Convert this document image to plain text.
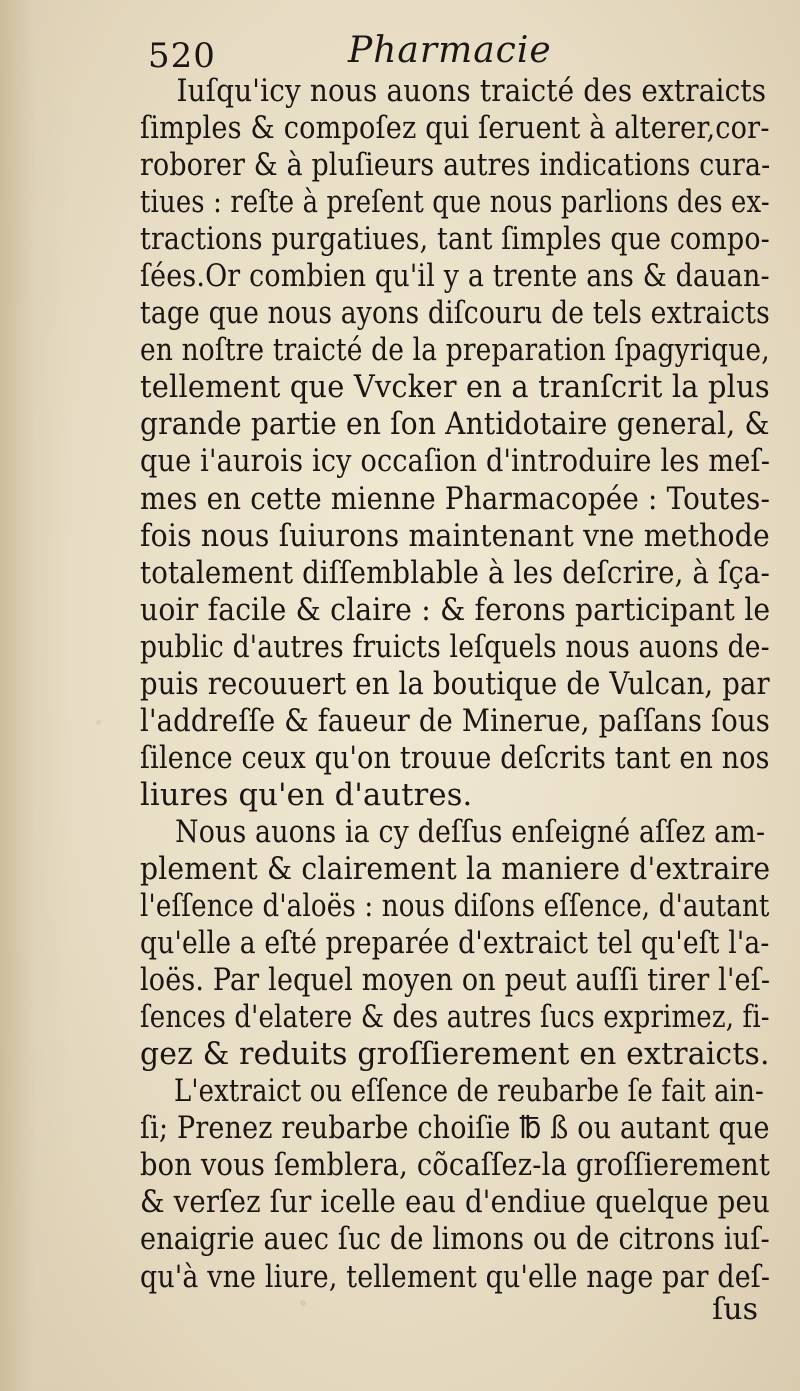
520	Pharmacie
Iuſqu'icy nous auons traicté des extraicts
ſimples & compoſez qui ſeruent à alterer,cor-
roborer & à pluſieurs autres indications cura-
tiues : reſte à preſent que nous parlions des ex-
tractions purgatiues, tant ſimples que compo-
ſées.Or combien qu'il y a trente ans & dauan-
tage que nous ayons diſcouru de tels extraicts
en noſtre traicté de la preparation ſpagyrique,
tellement que Vvcker en a tranſcrit la plus
grande partie en ſon Antidotaire general, &
que i'aurois icy occaſion d'introduire les meſ-
mes en cette mienne Pharmacopée : Toutes-
fois nous ſuiurons maintenant vne methode
totalement diſſemblable à les deſcrire, à ſça-
uoir facile & claire : & ferons participant le
public d'autres fruicts leſquels nous auons de-
puis recouuert en la boutique de Vulcan, par
l'addreſſe & faueur de Minerue, paſſans ſous
ſilence ceux qu'on trouue deſcrits tant en nos
liures qu'en d'autres.
Nous auons ia cy deſſus enſeigné aſſez am-
plement & clairement la maniere d'extraire
l'eſſence d'aloës : nous diſons eſſence, d'autant
qu'elle a eſté preparée d'extraict tel qu'eſt l'a-
loës. Par lequel moyen on peut auſſi tirer l'eſ-
ſences d'elatere & des autres ſucs exprimez, fi-
gez & reduits groſſierement en extraicts.
L'extraict ou eſſence de reubarbe ſe fait ain-
ſi; Prenez reubarbe choiſie ℔ ß ou autant que
bon vous ſemblera, cõcaſſez-la groſſierement
& verſez ſur icelle eau d'endiue quelque peu
enaigrie auec ſuc de limons ou de citrons iuſ-
qu'à vne liure, tellement qu'elle nage par deſ-
ſus
